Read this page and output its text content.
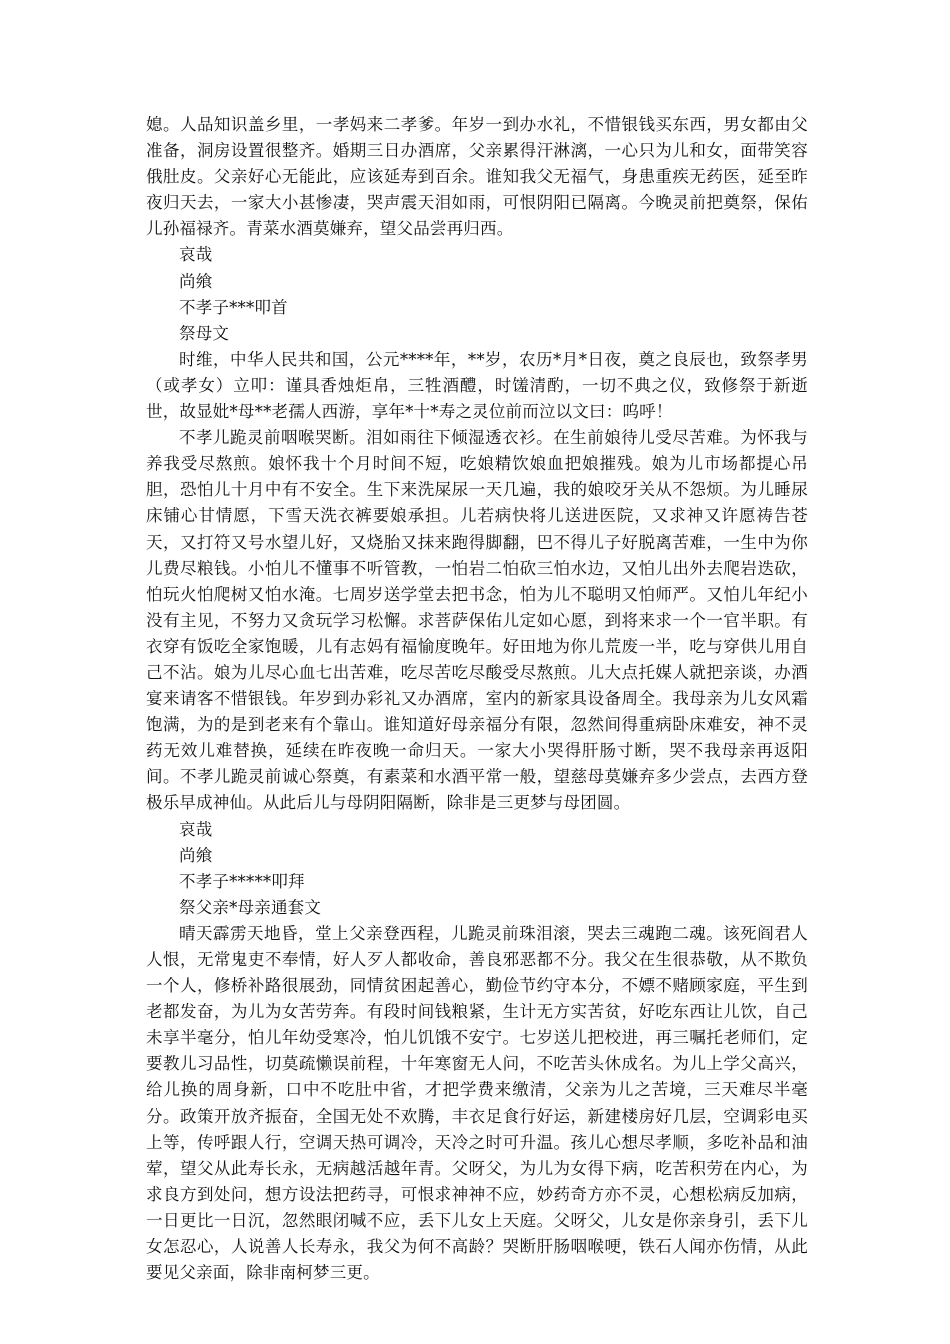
媳。人品知识盖乡里，一孝妈来二孝爹。年岁一到办水礼，不惜银钱买东西，男女都由父准备，洞房设置很整齐。婚期三日办酒席，父亲累得汗淋漓，一心只为儿和女，面带笑容俄肚皮。父亲好心无能此，应该延寿到百余。谁知我父无福气，身患重疾无药医，延至昨夜归天去，一家大小甚惨凄，哭声震天泪如雨，可恨阴阳已隔离。今晚灵前把奠祭，保佑儿孙福禄齐。青菜水酒莫嫌弃，望父品尝再归西。

哀哉

尚飨

不孝子***叩首

祭母文

时维，中华人民共和国，公元****年，**岁，农历*月*日夜，奠之良辰也，致祭孝男（或孝女）立叩：谨具香烛炬帛，三牲酒醴，时馐清酌，一切不典之仪，致修祭于新逝世，故显妣*母**老孺人西游，享年*十*寿之灵位前而泣以文曰：呜呼！

不孝儿跪灵前咽喉哭断。泪如雨往下倾湿透衣衫。在生前娘待儿受尽苦难。为怀我与养我受尽熬煎。娘怀我十个月时间不短，吃娘精饮娘血把娘摧残。娘为儿市场都提心吊胆，恐怕儿十月中有不安全。生下来洗屎尿一天几遍，我的娘咬牙关从不怨烦。为儿睡尿床铺心甘情愿，下雪天洗衣裤要娘承担。儿若病快将儿送进医院，又求神又许愿祷告苍天，又打符又号水望儿好，又烧胎又抹来跑得脚翻，巴不得儿子好脱离苦难，一生中为你儿费尽粮钱。小怕儿不懂事不听管教，一怕岩二怕砍三怕水边，又怕儿出外去爬岩迭砍，怕玩火怕爬树又怕水淹。七周岁送学堂去把书念，怕为儿不聪明又怕师严。又怕儿年纪小没有主见，不努力又贪玩学习松懈。求菩萨保佑儿定如心愿，到将来求一个一官半职。有衣穿有饭吃全家饱暖，儿有志妈有福愉度晚年。好田地为你儿荒废一半，吃与穿供儿用自己不沾。娘为儿尽心血七出苦难，吃尽苦吃尽酸受尽熬煎。儿大点托媒人就把亲谈，办酒宴来请客不惜银钱。年岁到办彩礼又办酒席，室内的新家具设备周全。我母亲为儿女风霜饱满，为的是到老来有个靠山。谁知道好母亲福分有限，忽然间得重病卧床难安，神不灵药无效儿难替换，延续在昨夜晚一命归天。一家大小哭得肝肠寸断，哭不我母亲再返阳间。不孝儿跪灵前诚心祭奠，有素菜和水酒平常一般，望慈母莫嫌弃多少尝点，去西方登极乐早成神仙。从此后儿与母阴阳隔断，除非是三更梦与母团圆。

哀哉

尚飨

不孝子*****叩拜

祭父亲*母亲通套文

晴天霹雳天地昏，堂上父亲登西程，儿跪灵前珠泪滚，哭去三魂跑二魂。该死阎君人人恨，无常鬼吏不奉情，好人歹人都收命，善良邪恶都不分。我父在生很恭敬，从不欺负一个人，修桥补路很展劲，同情贫困起善心，勤俭节约守本分，不嫖不赌顾家庭，平生到老都发奋，为儿为女苦劳奔。有段时间钱粮紧，生计无方实苦贫，好吃东西让儿饮，自己未享半毫分，怕儿年幼受寒冷，怕儿饥饿不安宁。七岁送儿把校进，再三嘱托老师们，定要教儿习品性，切莫疏懒误前程，十年寒窗无人问，不吃苦头休成名。为儿上学父高兴，给儿换的周身新，口中不吃肚中省，才把学费来缴清，父亲为儿之苦境，三天难尽半毫分。政策开放齐振奋，全国无处不欢腾，丰衣足食行好运，新建楼房好几层，空调彩电买上等，传呼跟人行，空调天热可调冷，天冷之时可升温。孩儿心想尽孝顺，多吃补品和油荤，望父从此寿长永，无病越活越年青。父呀父，为儿为女得下病，吃苦积劳在内心，为求良方到处问，想方设法把药寻，可恨求神神不应，妙药奇方亦不灵，心想松病反加病，一日更比一日沉，忽然眼闭喊不应，丢下儿女上天庭。父呀父，儿女是你亲身引，丢下儿女怎忍心，人说善人长寿永，我父为何不高龄？哭断肝肠咽喉哽，铁石人闻亦伤情，从此要见父亲面，除非南柯梦三更。
